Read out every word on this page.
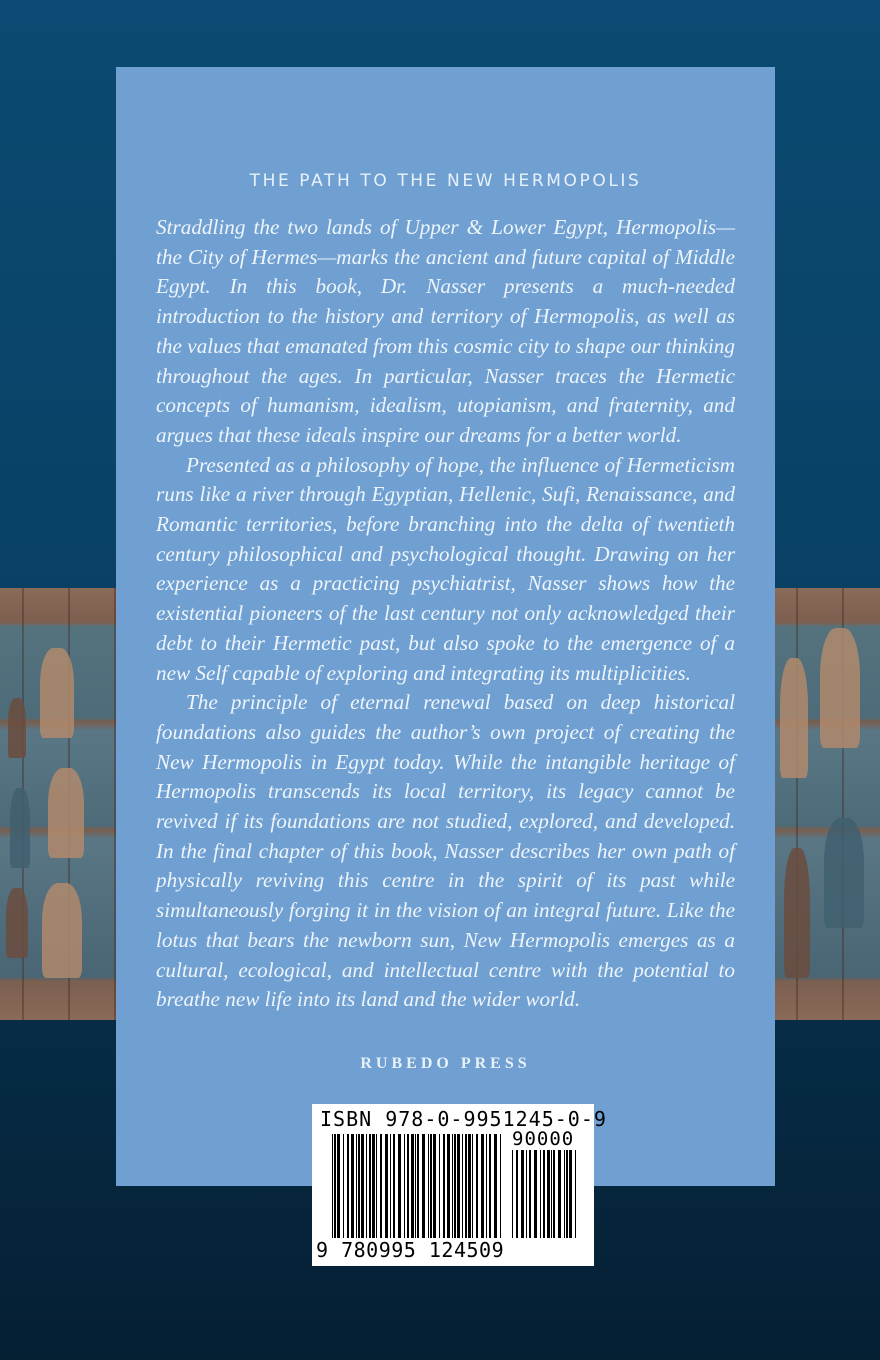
THE PATH TO THE NEW HERMOPOLIS

Straddling the two lands of Upper & Lower Egypt, Hermopolis—the City of Hermes—marks the ancient and future capital of Middle Egypt. In this book, Dr. Nasser presents a much-needed introduction to the history and territory of Hermopolis, as well as the values that emanated from this cosmic city to shape our thinking throughout the ages. In particular, Nasser traces the Hermetic concepts of humanism, idealism, utopianism, and fraternity, and argues that these ideals inspire our dreams for a better world.

Presented as a philosophy of hope, the influence of Hermeticism runs like a river through Egyptian, Hellenic, Sufi, Renaissance, and Romantic territories, before branching into the delta of twentieth century philosophical and psychological thought. Drawing on her experience as a practicing psychiatrist, Nasser shows how the existential pioneers of the last century not only acknowledged their debt to their Hermetic past, but also spoke to the emergence of a new Self capable of exploring and integrating its multiplicities.

The principle of eternal renewal based on deep historical foundations also guides the author’s own project of creating the New Hermopolis in Egypt today. While the intangible heritage of Hermopolis transcends its local territory, its legacy cannot be revived if its foundations are not studied, explored, and developed. In the final chapter of this book, Nasser describes her own path of physically reviving this centre in the spirit of its past while simultaneously forging it in the vision of an integral future. Like the lotus that bears the newborn sun, New Hermopolis emerges as a cultural, ecological, and intellectual centre with the potential to breathe new life into its land and the wider world.

RUBEDO PRESS
ISBN 978-0-9951245-0-9
90000
9 780995 124509
